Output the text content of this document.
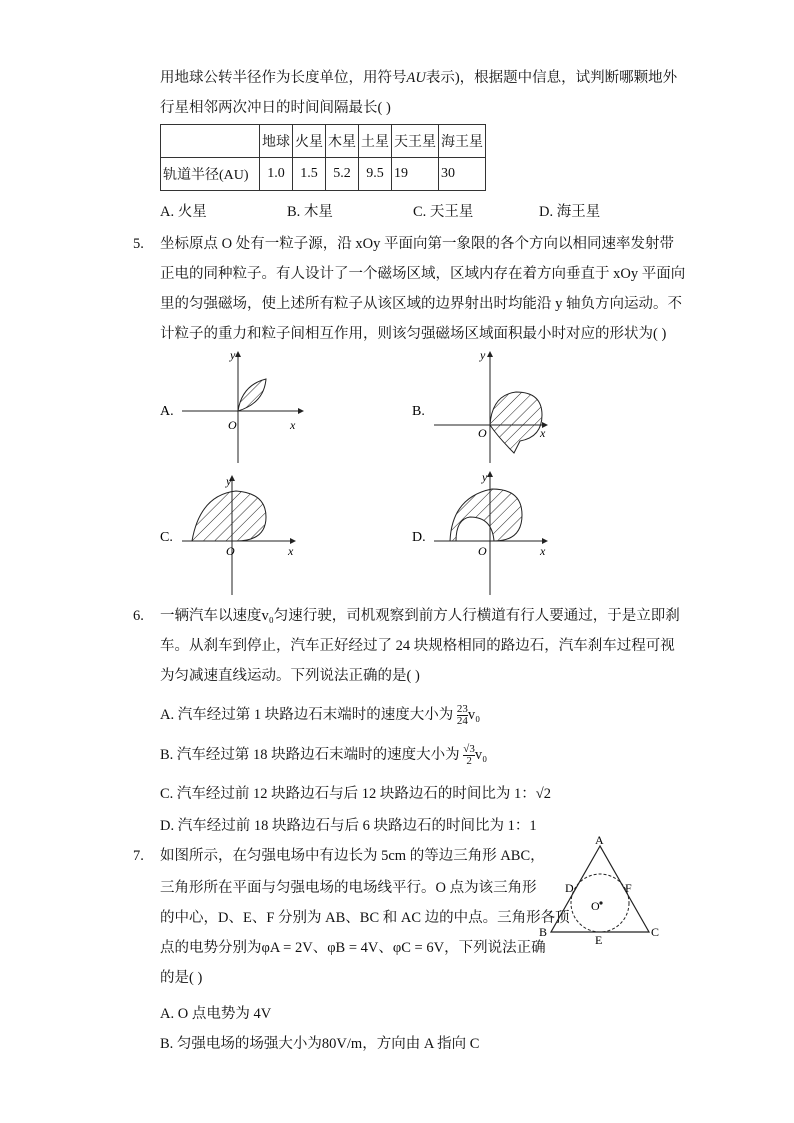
用地球公转半径作为长度单位，用符号AU表示)，根据题中信息，试判断哪颗地外
行星相邻两次冲日的时间间隔最长( )
	地球	火星	木星	土星	天王星	海王星
轨道半径(AU)	1.0	1.5	5.2	9.5	19	30
A. 火星	B. 木星	C. 天王星	D. 海王星
5. 坐标原点 O 处有一粒子源，沿 xOy 平面向第一象限的各个方向以相同速率发射带
正电的同种粒子。有人设计了一个磁场区域，区域内存在着方向垂直于 xOy 平面向
里的匀强磁场，使上述所有粒子从该区域的边界射出时均能沿 y 轴负方向运动。不
计粒子的重力和粒子间相互作用，则该匀强磁场区域面积最小时对应的形状为( )
A.
y
x
O
B.
y
x
O
C.
y
x
O
D.
y
x
O
6. 一辆汽车以速度v₀匀速行驶，司机观察到前方人行横道有行人要通过，于是立即刹
车。从刹车到停止，汽车正好经过了 24 块规格相同的路边石，汽车刹车过程可视
为匀减速直线运动。下列说法正确的是( )
A. 汽车经过第 1 块路边石末端时的速度大小为 $\frac{23}{24} v_0$
B. 汽车经过第 18 块路边石末端时的速度大小为 $\frac{√3}{2} v_0$
C. 汽车经过前 12 块路边石与后 12 块路边石的时间比为 1：√2
D. 汽车经过前 18 块路边石与后 6 块路边石的时间比为 1：1
7. 如图所示，在匀强电场中有边长为 5cm 的等边三角形 ABC，
三角形所在平面与匀强电场的电场线平行。O 点为该三角形
的中心，D、E、F 分别为 AB、BC 和 AC 边的中点。三角形各顶
点的电势分别为φA = 2V、φB = 4V、φC = 6V，下列说法正确
的是( )
A
B	C
D
E
F
O
A. O 点电势为 4V
B. 匀强电场的场强大小为80V/m，方向由 A 指向 C
